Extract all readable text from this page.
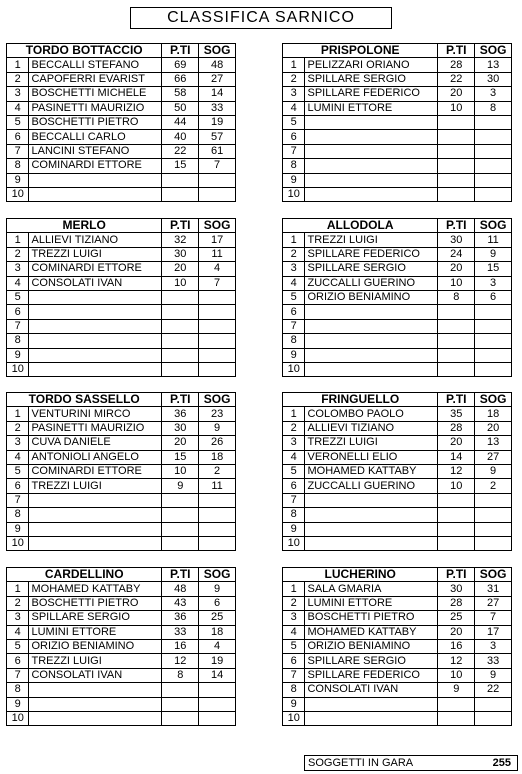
CLASSIFICA SARNICO
TORDO BOTTACCIO		P.TI	SOG
1	BECCALLI STEFANO	69	48
2	CAPOFERRI EVARIST	66	27
3	BOSCHETTI MICHELE	58	14
4	PASINETTI MAURIZIO	50	33
5	BOSCHETTI PIETRO	44	19
6	BECCALLI CARLO	40	57
7	LANCINI STEFANO	22	61
8	COMINARDI ETTORE	15	7
9			
10			
PRISPOLONE		P.TI	SOG
1	PELIZZARI ORIANO	28	13
2	SPILLARE SERGIO	22	30
3	SPILLARE FEDERICO	20	3
4	LUMINI ETTORE	10	8
5			
6			
7			
8			
9			
10			
MERLO		P.TI	SOG
1	ALLIEVI TIZIANO	32	17
2	TREZZI LUIGI	30	11
3	COMINARDI ETTORE	20	4
4	CONSOLATI IVAN	10	7
5			
6			
7			
8			
9			
10			
ALLODOLA		P.TI	SOG
1	TREZZI LUIGI	30	11
2	SPILLARE FEDERICO	24	9
3	SPILLARE SERGIO	20	15
4	ZUCCALLI GUERINO	10	3
5	ORIZIO BENIAMINO	8	6
6			
7			
8			
9			
10			
TORDO SASSELLO		P.TI	SOG
1	VENTURINI MIRCO	36	23
2	PASINETTI MAURIZIO	30	9
3	CUVA DANIELE	20	26
4	ANTONIOLI ANGELO	15	18
5	COMINARDI ETTORE	10	2
6	TREZZI LUIGI	9	11
7			
8			
9			
10			
FRINGUELLO		P.TI	SOG
1	COLOMBO PAOLO	35	18
2	ALLIEVI TIZIANO	28	20
3	TREZZI LUIGI	20	13
4	VERONELLI ELIO	14	27
5	MOHAMED KATTABY	12	9
6	ZUCCALLI GUERINO	10	2
7			
8			
9			
10			
CARDELLINO		P.TI	SOG
1	MOHAMED KATTABY	48	9
2	BOSCHETTI PIETRO	43	6
3	SPILLARE SERGIO	36	25
4	LUMINI ETTORE	33	18
5	ORIZIO BENIAMINO	16	4
6	TREZZI LUIGI	12	19
7	CONSOLATI IVAN	8	14
8			
9			
10			
LUCHERINO		P.TI	SOG
1	SALA GMARIA	30	31
2	LUMINI ETTORE	28	27
3	BOSCHETTI PIETRO	25	7
4	MOHAMED KATTABY	20	17
5	ORIZIO BENIAMINO	16	3
6	SPILLARE SERGIO	12	33
7	SPILLARE FEDERICO	10	9
8	CONSOLATI IVAN	9	22
9			
10			
SOGGETTI IN GARA	255
